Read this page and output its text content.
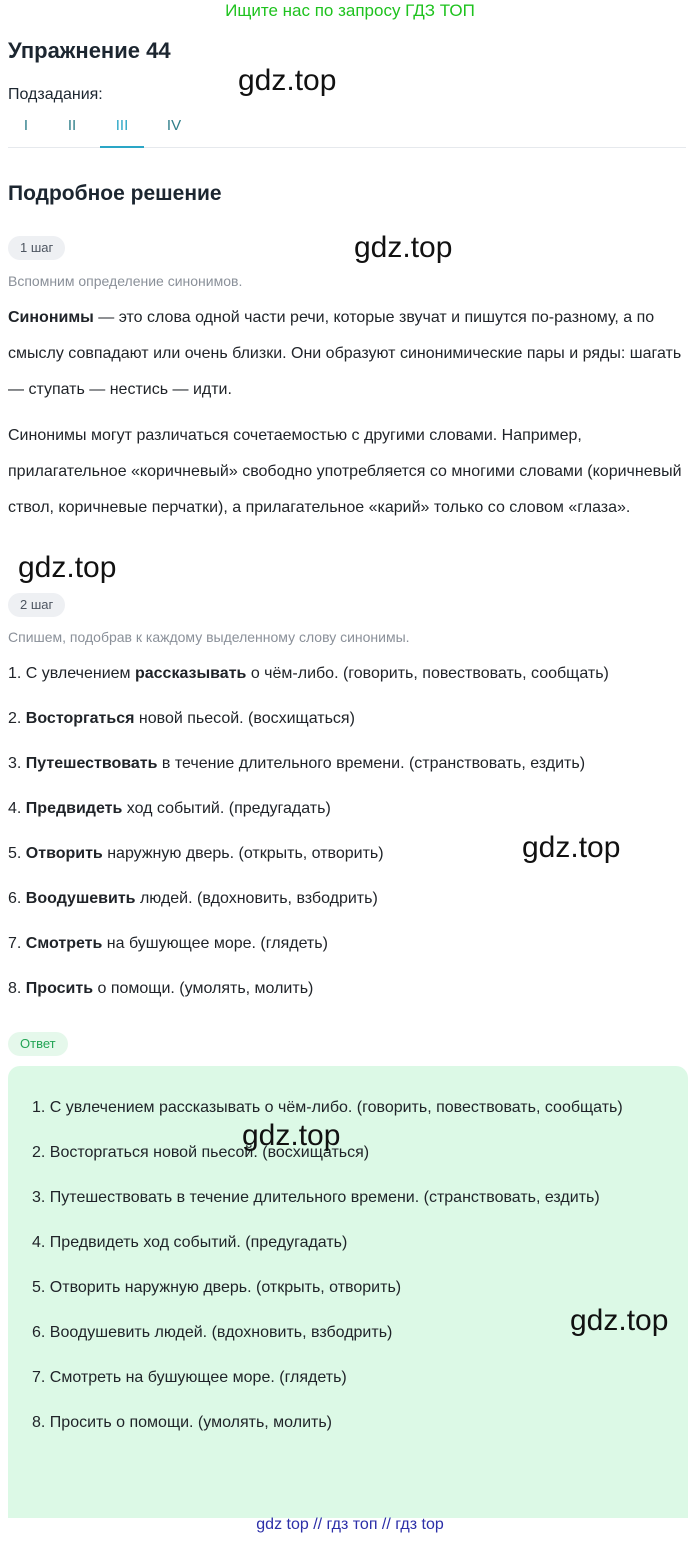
Ищите нас по запросу ГДЗ ТОП
Упражнение 44
Подзадания:
I	II	III	IV
Подробное решение
1 шаг
Вспомним определение синонимов.
Синонимы — это слова одной части речи, которые звучат и пишутся по-разному, а по смыслу совпадают или очень близки. Они образуют синонимические пары и ряды: шагать — ступать — нестись — идти.
Синонимы могут различаться сочетаемостью с другими словами. Например, прилагательное «коричневый» свободно употребляется со многими словами (коричневый ствол, коричневые перчатки), а прилагательное «карий» только со словом «глаза».
2 шаг
Спишем, подобрав к каждому выделенному слову синонимы.
1. С увлечением рассказывать о чём-либо. (говорить, повествовать, сообщать)
2. Восторгаться новой пьесой. (восхищаться)
3. Путешествовать в течение длительного времени. (странствовать, ездить)
4. Предвидеть ход событий. (предугадать)
5. Отворить наружную дверь. (открыть, отворить)
6. Воодушевить людей. (вдохновить, взбодрить)
7. Смотреть на бушующее море. (глядеть)
8. Просить о помощи. (умолять, молить)
Ответ
1. С увлечением рассказывать о чём-либо. (говорить, повествовать, сообщать)
2. Восторгаться новой пьесой. (восхищаться)
3. Путешествовать в течение длительного времени. (странствовать, ездить)
4. Предвидеть ход событий. (предугадать)
5. Отворить наружную дверь. (открыть, отворить)
6. Воодушевить людей. (вдохновить, взбодрить)
7. Смотреть на бушующее море. (глядеть)
8. Просить о помощи. (умолять, молить)
gdz.top
gdz.top
gdz.top
gdz.top
gdz.top
gdz.top
gdz top // гдз топ // гдз top
